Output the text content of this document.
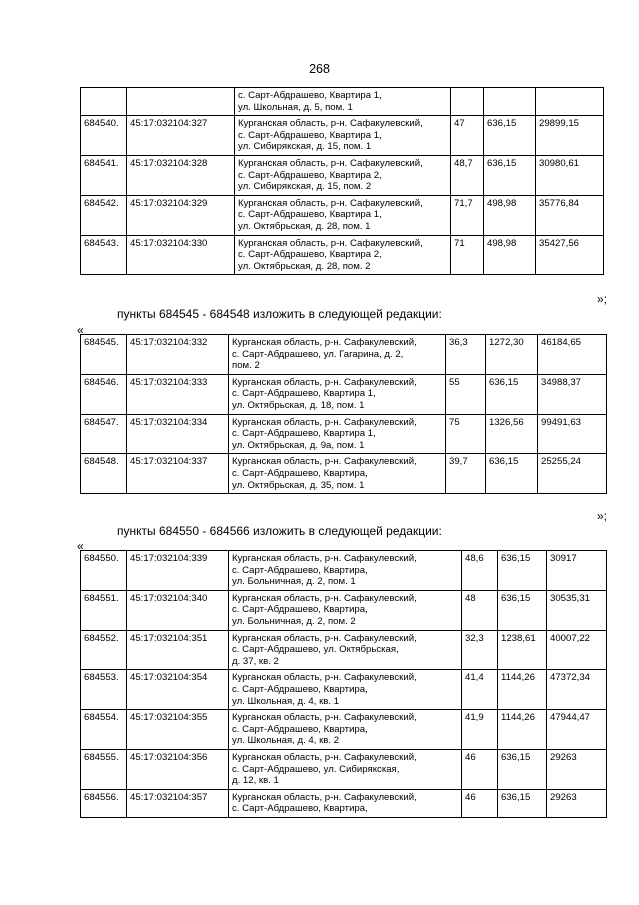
268

		с. Сарт-Абдрашево, Квартира 1,
ул. Школьная, д. 5, пом. 1			

684540.	45:17:032104:327	Курганская область, р-н. Сафакулевский,
с. Сарт-Абдрашево, Квартира 1,
ул. Сибирякская, д. 15, пом. 1	47	636,15	29899,15
684541.	45:17:032104:328	Курганская область, р-н. Сафакулевский,
с. Сарт-Абдрашево, Квартира 2,
ул. Сибирякская, д. 15, пом. 2	48,7	636,15	30980,61
684542.	45:17:032104:329	Курганская область, р-н. Сафакулевский,
с. Сарт-Абдрашево, Квартира 1,
ул. Октябрьская, д. 28, пом. 1	71,7	498,98	35776,84
684543.	45:17:032104:330	Курганская область, р-н. Сафакулевский,
с. Сарт-Абдрашево, Квартира 2,
ул. Октябрьская, д. 28, пом. 2	71	498,98	35427,56
»;
пункты 684545 - 684548 изложить в следующей редакции:
«
684545.	45:17:032104:332	Курганская область, р-н. Сафакулевский,
с. Сарт-Абдрашево, ул. Гагарина, д. 2,
пом. 2	36,3	1272,30	46184,65
684546.	45:17:032104:333	Курганская область, р-н. Сафакулевский,
с. Сарт-Абдрашево, Квартира 1,
ул. Октябрьская, д. 18, пом. 1	55	636,15	34988,37
684547.	45:17:032104:334	Курганская область, р-н. Сафакулевский,
с. Сарт-Абдрашево, Квартира 1,
ул. Октябрьская, д. 9а, пом. 1	75	1326,56	99491,63
684548.	45:17:032104:337	Курганская область, р-н. Сафакулевский,
с. Сарт-Абдрашево, Квартира,
ул. Октябрьская, д. 35, пом. 1	39,7	636,15	25255,24
»;
пункты 684550 - 684566 изложить в следующей редакции:
«
684550.	45:17:032104:339	Курганская область, р-н. Сафакулевский,
с. Сарт-Абдрашево, Квартира,
ул. Больничная, д. 2, пом. 1	48,6	636,15	30917
684551.	45:17:032104:340	Курганская область, р-н. Сафакулевский,
с. Сарт-Абдрашево, Квартира,
ул. Больничная, д. 2, пом. 2	48	636,15	30535,31
684552.	45:17:032104:351	Курганская область, р-н. Сафакулевский,
с. Сарт-Абдрашево, ул. Октябрьская,
д. 37, кв. 2	32,3	1238,61	40007,22
684553.	45:17:032104:354	Курганская область, р-н. Сафакулевский,
с. Сарт-Абдрашево, Квартира,
ул. Школьная, д. 4, кв. 1	41,4	1144,26	47372,34
684554.	45:17:032104:355	Курганская область, р-н. Сафакулевский,
с. Сарт-Абдрашево, Квартира,
ул. Школьная, д. 4, кв. 2	41,9	1144,26	47944,47
684555.	45:17:032104:356	Курганская область, р-н. Сафакулевский,
с. Сарт-Абдрашево, ул. Сибирякская,
д. 12, кв. 1	46	636,15	29263
684556.	45:17:032104:357	Курганская область, р-н. Сафакулевский,
с. Сарт-Абдрашево, Квартира,	46	636,15	29263
